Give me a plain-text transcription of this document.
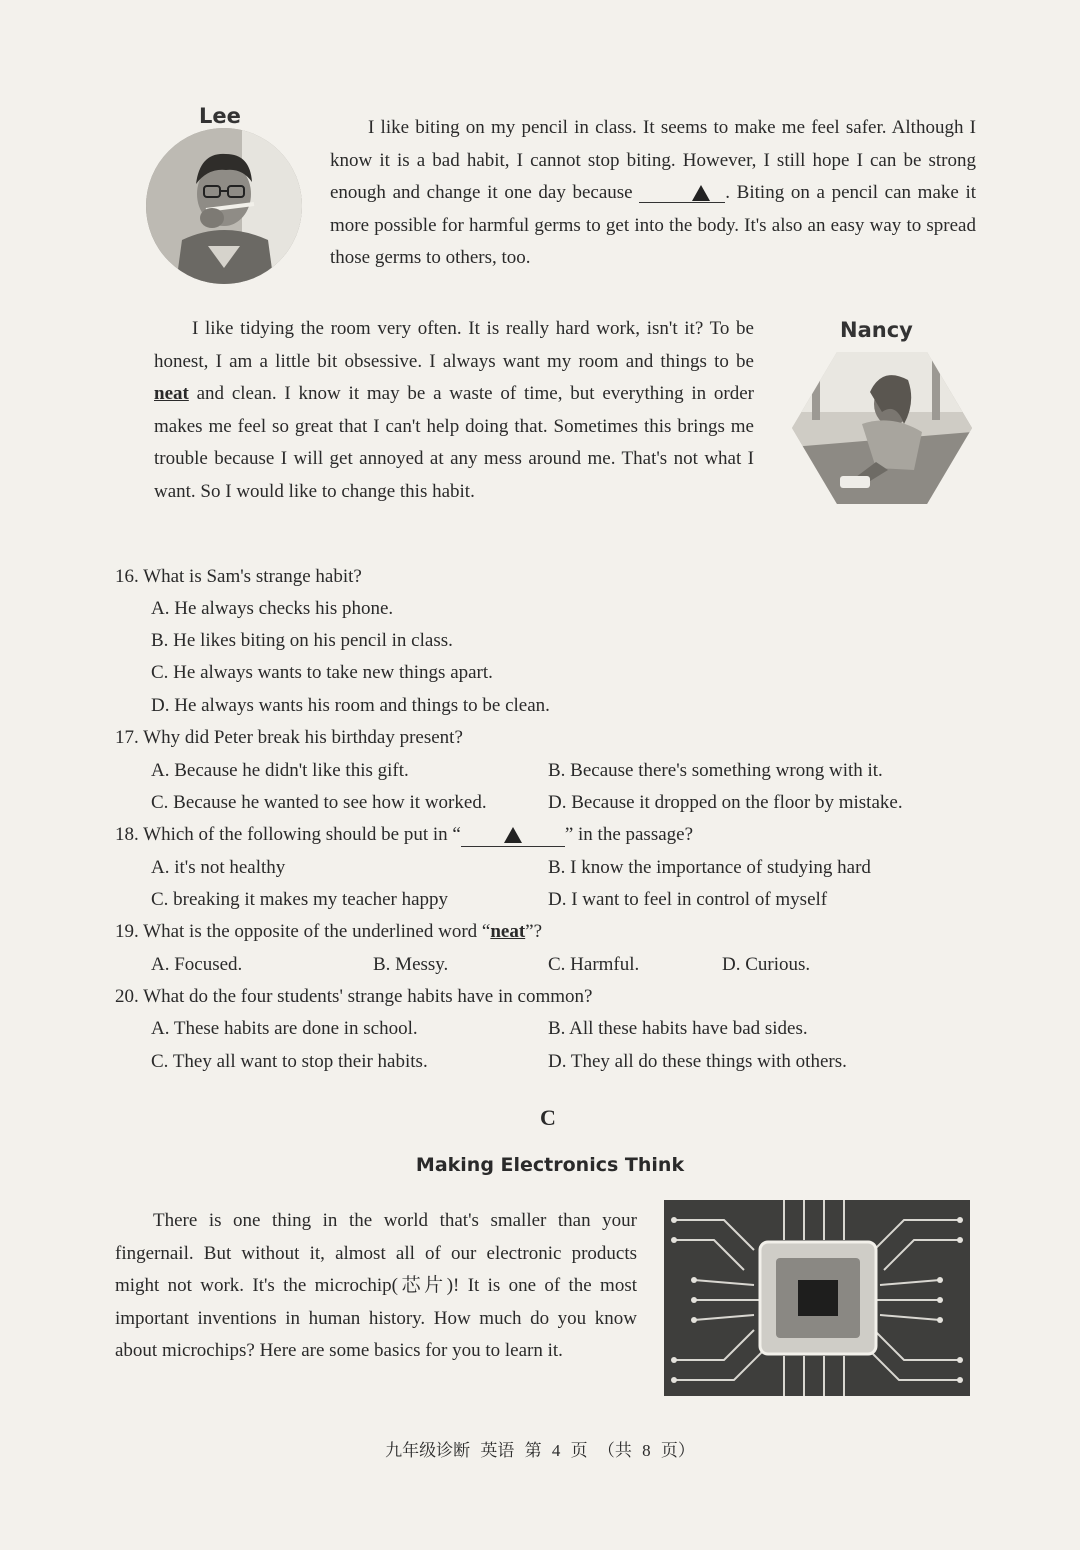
Lee	I like biting on my pencil in class. It seems to make me feel safer. Although I know it is a bad habit, I cannot stop biting. However, I still hope I can be strong enough and change it one day because	. Biting on a pencil can make it more possible for harmful germs to get into the body. It's also an easy way to spread those germs to others, too.

Nancy

I like tidying the room very often. It is really hard work, isn't it? To be honest, I am a little bit obsessive. I always want my room and things to be neat and clean. I know it may be a waste of time, but everything in order makes me feel so great that I can't help doing that. Sometimes this brings me trouble because I will get annoyed at any mess around me. That's not what I want. So I would like to change this habit.

16. What is Sam's strange habit?
A. He always checks his phone.
B. He likes biting on his pencil in class.
C. He always wants to take new things apart.
D. He always wants his room and things to be clean.
17. Why did Peter break his birthday present?
A. Because he didn't like this gift.	B. Because there's something wrong with it.
C. Because he wanted to see how it worked.	D. Because it dropped on the floor by mistake.
18. Which of the following should be put in “	” in the passage?
A. it's not healthy	B. I know the importance of studying hard
C. breaking it makes my teacher happy	D. I want to feel in control of myself
19. What is the opposite of the underlined word “neat”?
A. Focused.	B. Messy.	C. Harmful.	D. Curious.
20. What do the four students' strange habits have in common?
A. These habits are done in school.	B. All these habits have bad sides.
C. They all want to stop their habits.	D. They all do these things with others.
C
Making Electronics Think

There is one thing in the world that's smaller than your fingernail. But without it, almost all of our electronic products might not work. It's the microchip(芯片)! It is one of the most important inventions in human history. How much do you know about microchips? Here are some basics for you to learn it.

九年级诊断 英语 第 4 页 （共 8 页）
